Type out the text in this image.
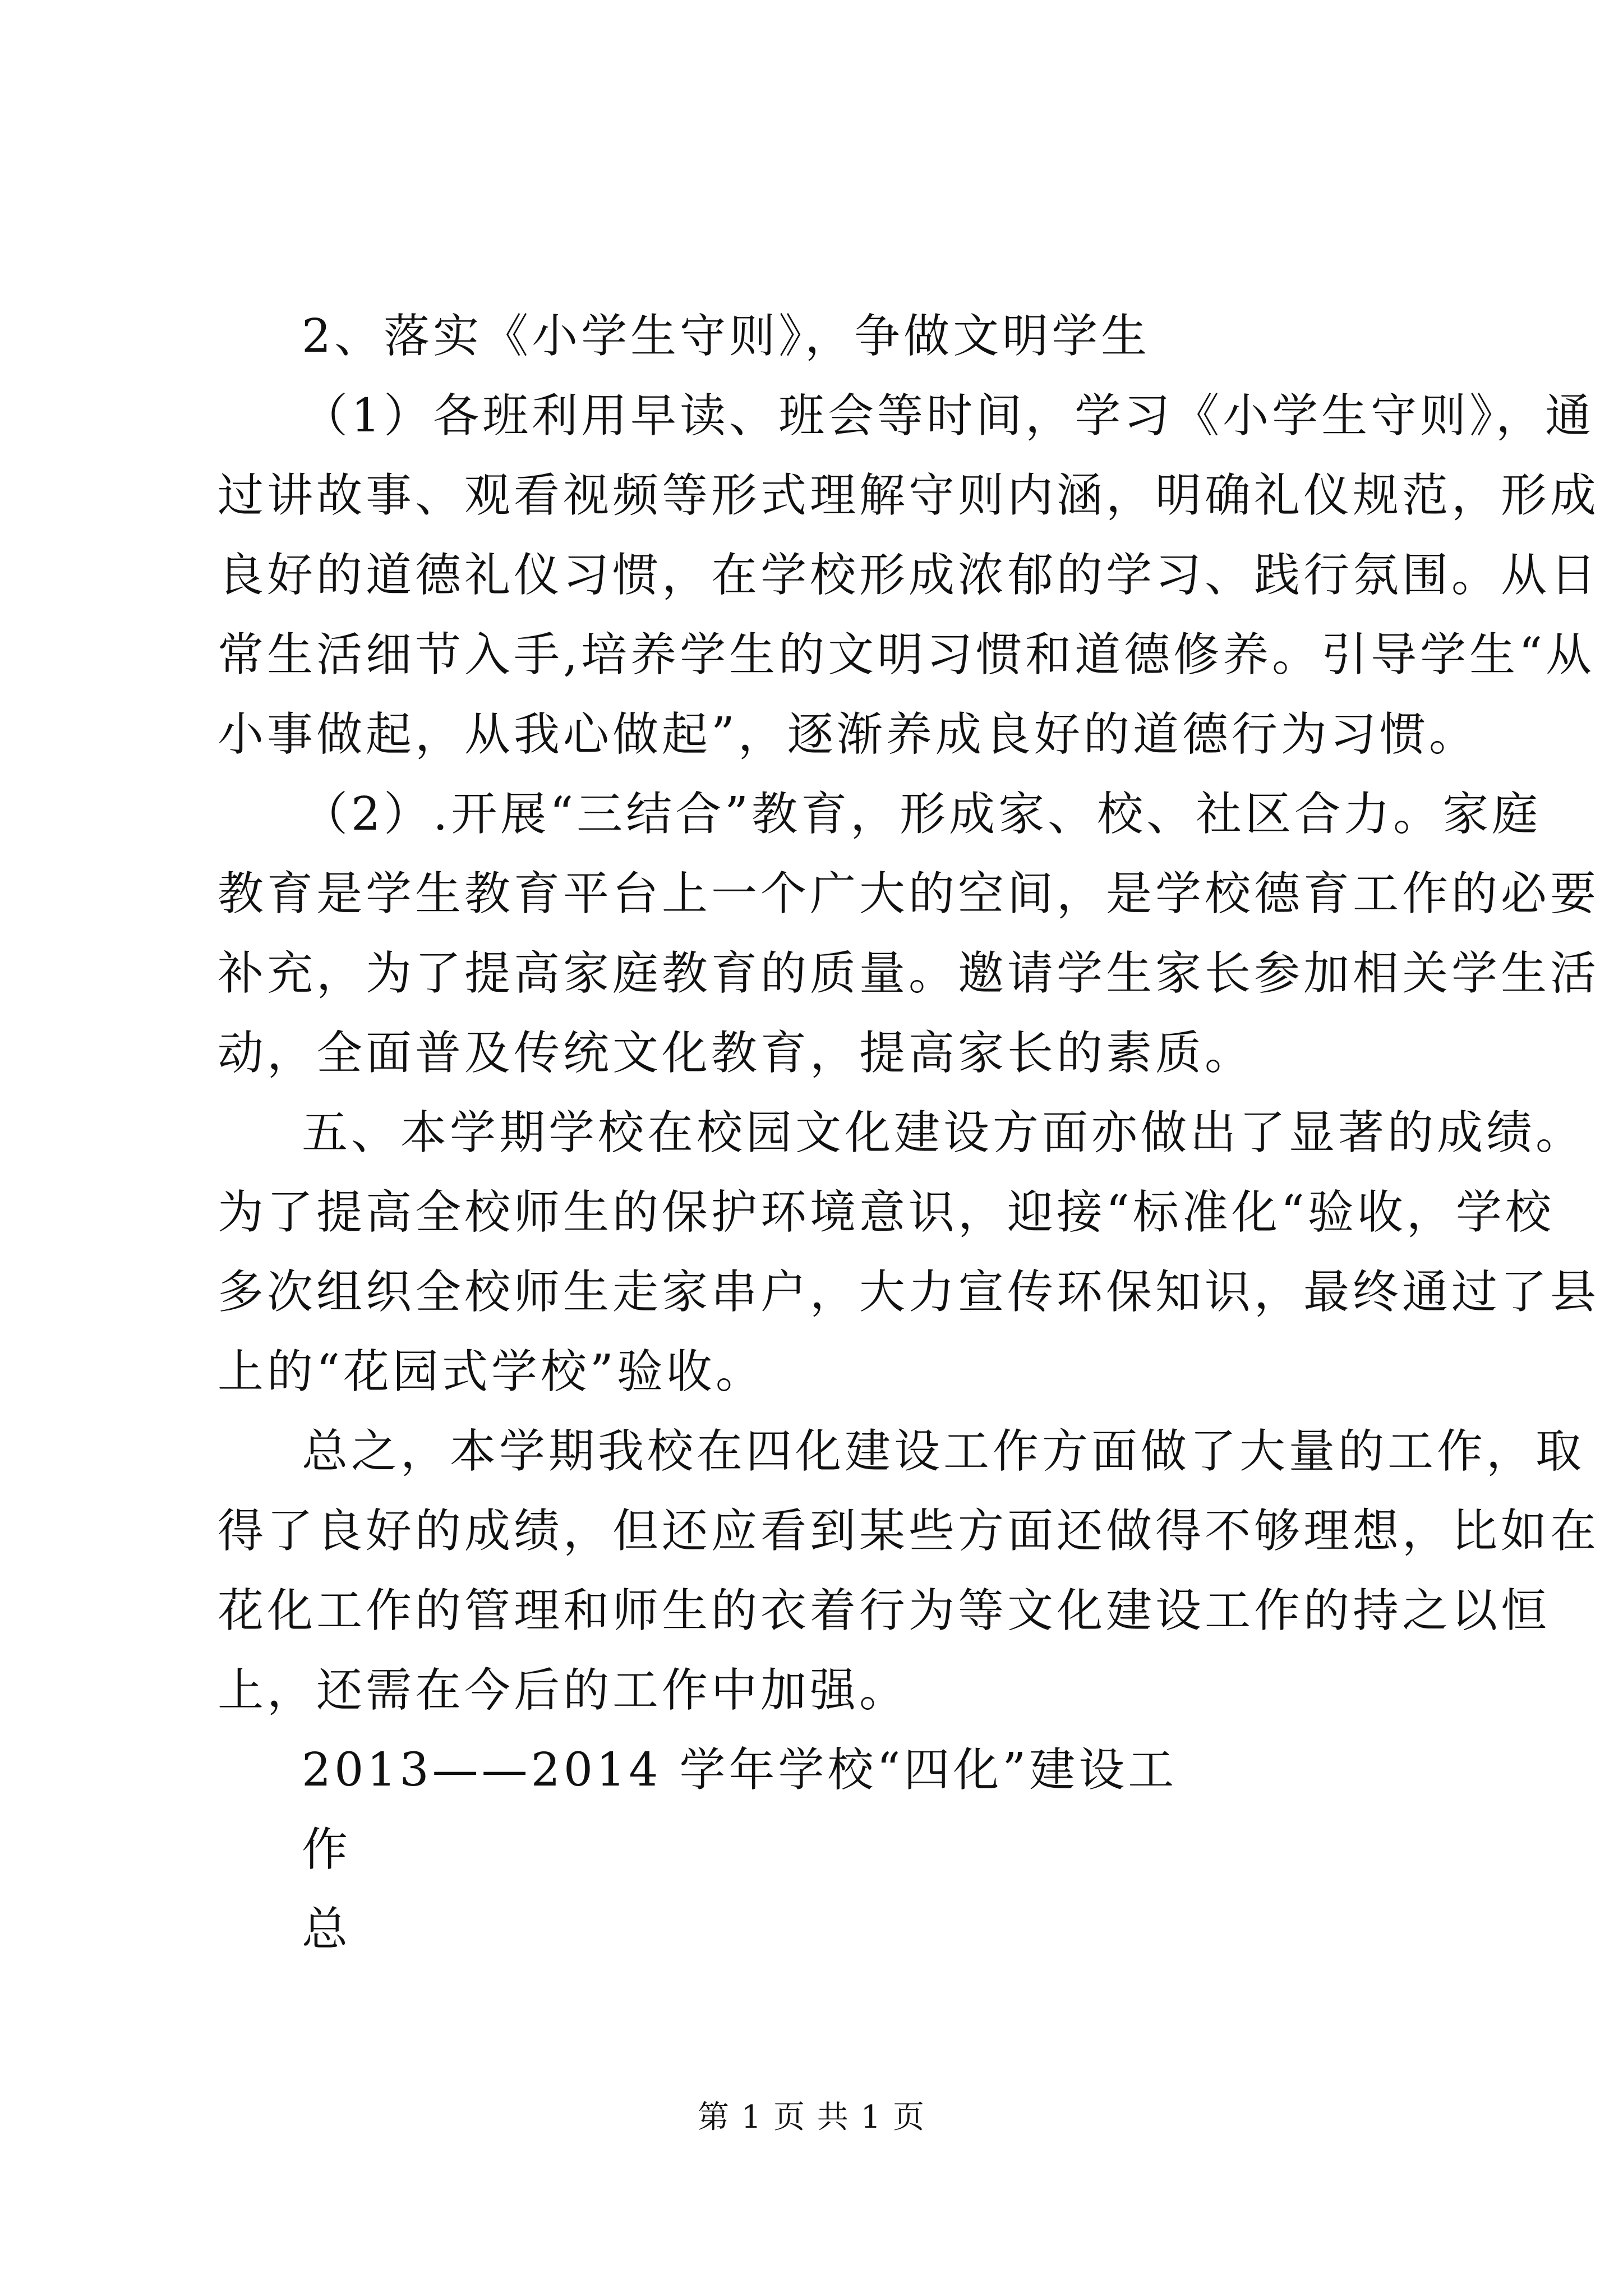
2、落实《小学生守则》，争做文明学生
（1）各班利用早读、班会等时间，学习《小学生守则》，通
过讲故事、观看视频等形式理解守则内涵，明确礼仪规范，形成
良好的道德礼仪习惯，在学校形成浓郁的学习、践行氛围。从日
常生活细节入手,培养学生的文明习惯和道德修养。引导学生“从
小事做起，从我心做起”，逐渐养成良好的道德行为习惯。
（2）.开展“三结合”教育，形成家、校、社区合力。家庭
教育是学生教育平台上一个广大的空间，是学校德育工作的必要
补充，为了提高家庭教育的质量。邀请学生家长参加相关学生活
动，全面普及传统文化教育，提高家长的素质。
五、本学期学校在校园文化建设方面亦做出了显著的成绩。
为了提高全校师生的保护环境意识，迎接“标准化“验收，学校
多次组织全校师生走家串户，大力宣传环保知识，最终通过了县
上的“花园式学校”验收。
总之，本学期我校在四化建设工作方面做了大量的工作，取
得了良好的成绩，但还应看到某些方面还做得不够理想，比如在
花化工作的管理和师生的衣着行为等文化建设工作的持之以恒
上，还需在今后的工作中加强。
2013——2014 学年学校“四化”建设工
作
总
第 1 页 共 1 页
